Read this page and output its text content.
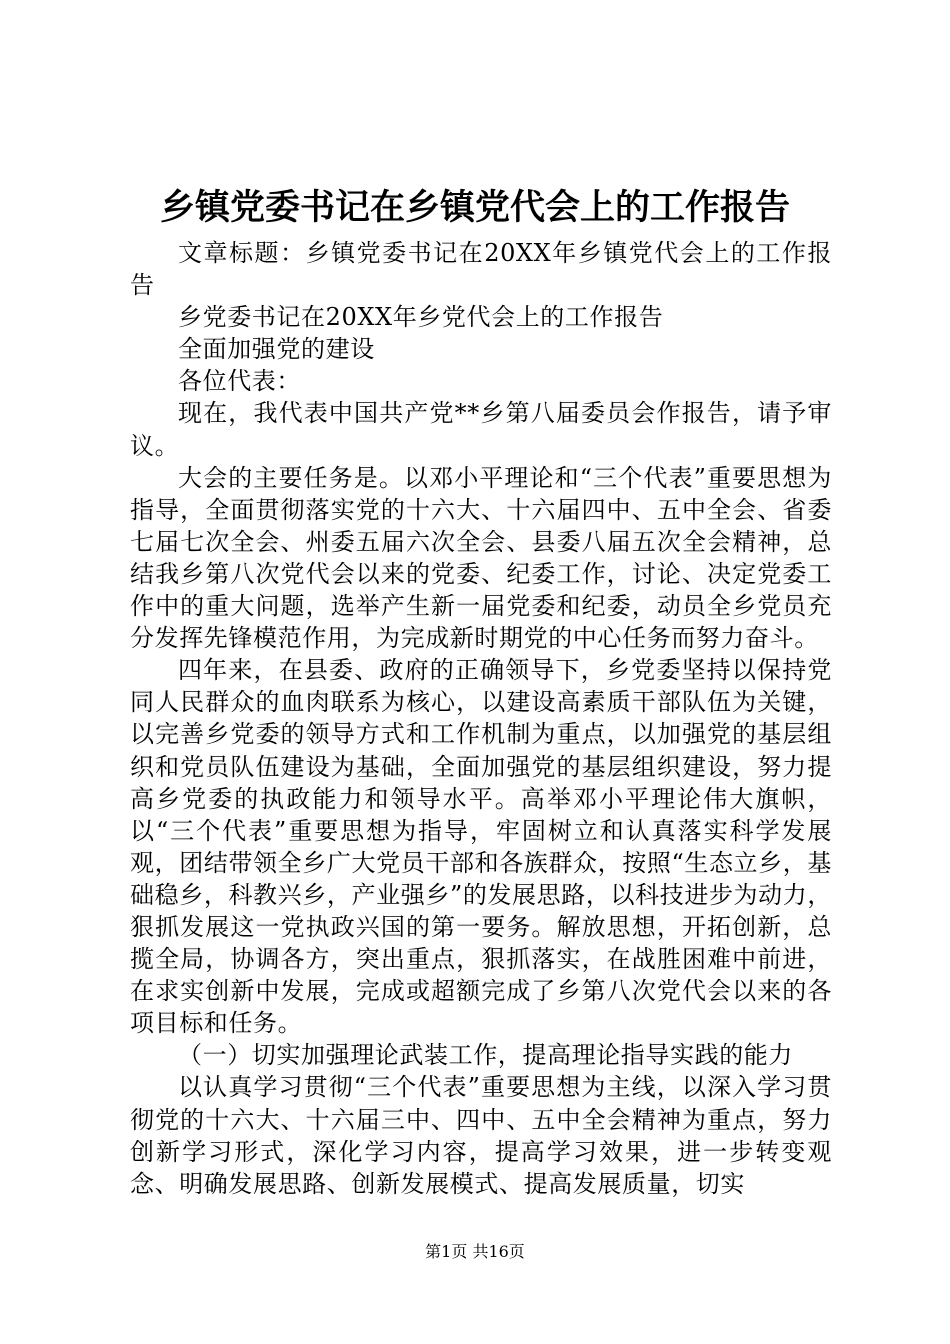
乡镇党委书记在乡镇党代会上的工作报告

文章标题：乡镇党委书记在20XX年乡镇党代会上的工作报告

乡党委书记在20XX年乡党代会上的工作报告

全面加强党的建设

各位代表：

现在，我代表中国共产党**乡第八届委员会作报告，请予审议。

大会的主要任务是。以邓小平理论和“三个代表”重要思想为指导，全面贯彻落实党的十六大、十六届四中、五中全会、省委七届七次全会、州委五届六次全会、县委八届五次全会精神，总结我乡第八次党代会以来的党委、纪委工作，讨论、决定党委工作中的重大问题，选举产生新一届党委和纪委，动员全乡党员充分发挥先锋模范作用，为完成新时期党的中心任务而努力奋斗。

四年来，在县委、政府的正确领导下，乡党委坚持以保持党同人民群众的血肉联系为核心，以建设高素质干部队伍为关键，以完善乡党委的领导方式和工作机制为重点，以加强党的基层组织和党员队伍建设为基础，全面加强党的基层组织建设，努力提高乡党委的执政能力和领导水平。高举邓小平理论伟大旗帜，以“三个代表”重要思想为指导，牢固树立和认真落实科学发展观，团结带领全乡广大党员干部和各族群众，按照“生态立乡，基础稳乡，科教兴乡，产业强乡”的发展思路，以科技进步为动力，狠抓发展这一党执政兴国的第一要务。解放思想，开拓创新，总揽全局，协调各方，突出重点，狠抓落实，在战胜困难中前进，在求实创新中发展，完成或超额完成了乡第八次党代会以来的各项目标和任务。

（一）切实加强理论武装工作，提高理论指导实践的能力

以认真学习贯彻“三个代表”重要思想为主线，以深入学习贯彻党的十六大、十六届三中、四中、五中全会精神为重点，努力创新学习形式，深化学习内容，提高学习效果，进一步转变观念、明确发展思路、创新发展模式、提高发展质量，切实

第1页 共16页
